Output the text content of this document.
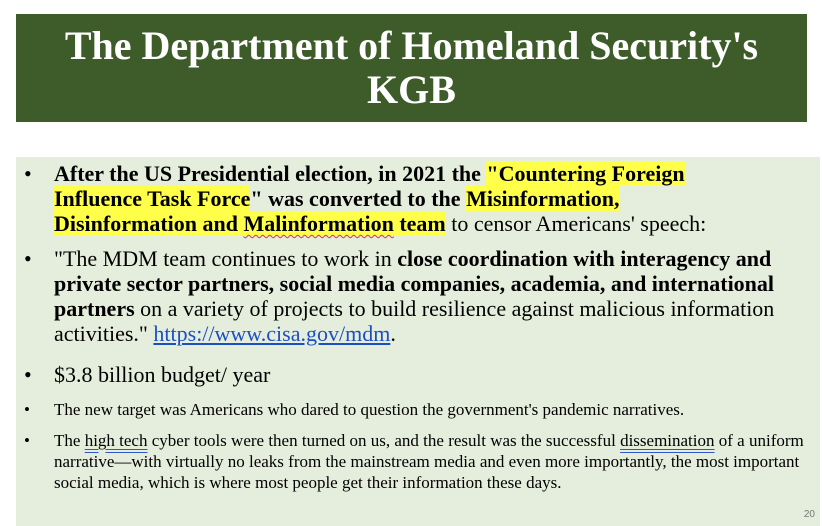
The Department of Homeland Security's
KGB
• After the US Presidential election, in 2021 the "Countering Foreign
Influence Task Force" was converted to the Misinformation,
Disinformation and Malinformation team to censor Americans' speech:
• "The MDM team continues to work in close coordination with interagency and private sector partners, social media companies, academia, and international partners on a variety of projects to build resilience against malicious information activities." https://www.cisa.gov/mdm.
• $3.8 billion budget/ year
• The new target was Americans who dared to question the government's pandemic narratives.
• The high tech cyber tools were then turned on us, and the result was the successful dissemination of a uniform narrative—with virtually no leaks from the mainstream media and even more importantly, the most important social media, which is where most people get their information these days.
20
